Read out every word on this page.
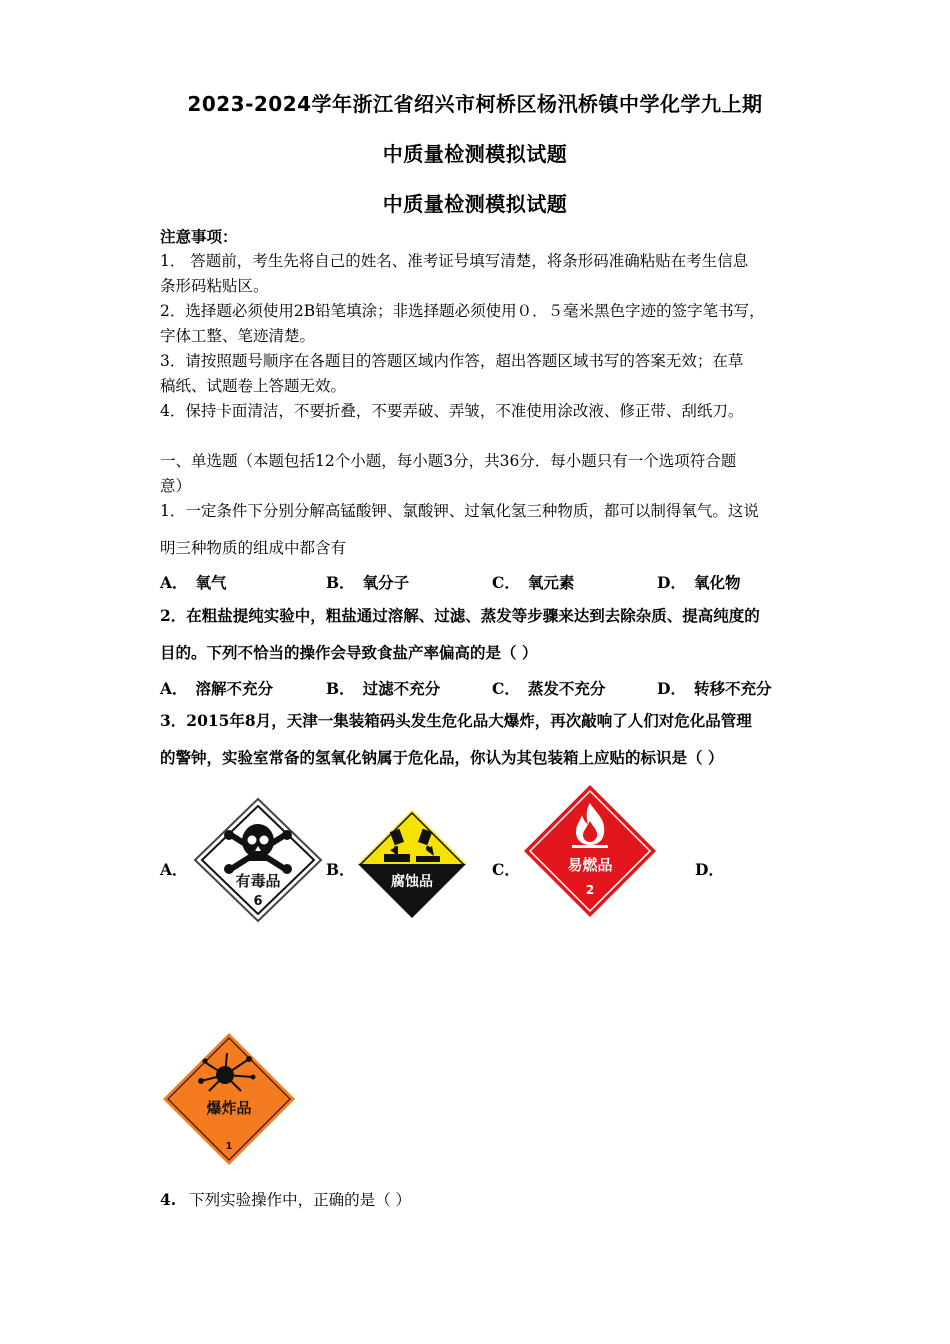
2023-2024学年浙江省绍兴市柯桥区杨汛桥镇中学化学九上期
中质量检测模拟试题
中质量检测模拟试题
注意事项：
1． 答题前，考生先将自己的姓名、准考证号填写清楚，将条形码准确粘贴在考生信息
条形码粘贴区。
2．选择题必须使用2B铅笔填涂；非选择题必须使用０．５毫米黑色字迹的签字笔书写，
字体工整、笔迹清楚。
3．请按照题号顺序在各题目的答题区域内作答，超出答题区域书写的答案无效；在草
稿纸、试题卷上答题无效。
4．保持卡面清洁，不要折叠，不要弄破、弄皱，不准使用涂改液、修正带、刮纸刀。
一、单选题（本题包括12个小题，每小题3分，共36分．每小题只有一个选项符合题
意）
1．一定条件下分别分解高锰酸钾、氯酸钾、过氧化氢三种物质，都可以制得氧气。这说
明三种物质的组成中都含有
A． 氧气	B． 氧分子	C． 氧元素	D． 氧化物
2．在粗盐提纯实验中，粗盐通过溶解、过滤、蒸发等步骤来达到去除杂质、提高纯度的
目的。下列不恰当的操作会导致食盐产率偏高的是（ ）
A． 溶解不充分	B． 过滤不充分	C． 蒸发不充分	D． 转移不充分
3．2015年8月，天津一集装箱码头发生危化品大爆炸，再次敲响了人们对危化品管理
的警钟，实验室常备的氢氧化钠属于危化品，你认为其包装箱上应贴的标识是（ ）
A．	B．	C．	D．
有毒品
6
腐蚀品
易燃品
2
爆炸品
1
4. 下列实验操作中，正确的是（ ）
